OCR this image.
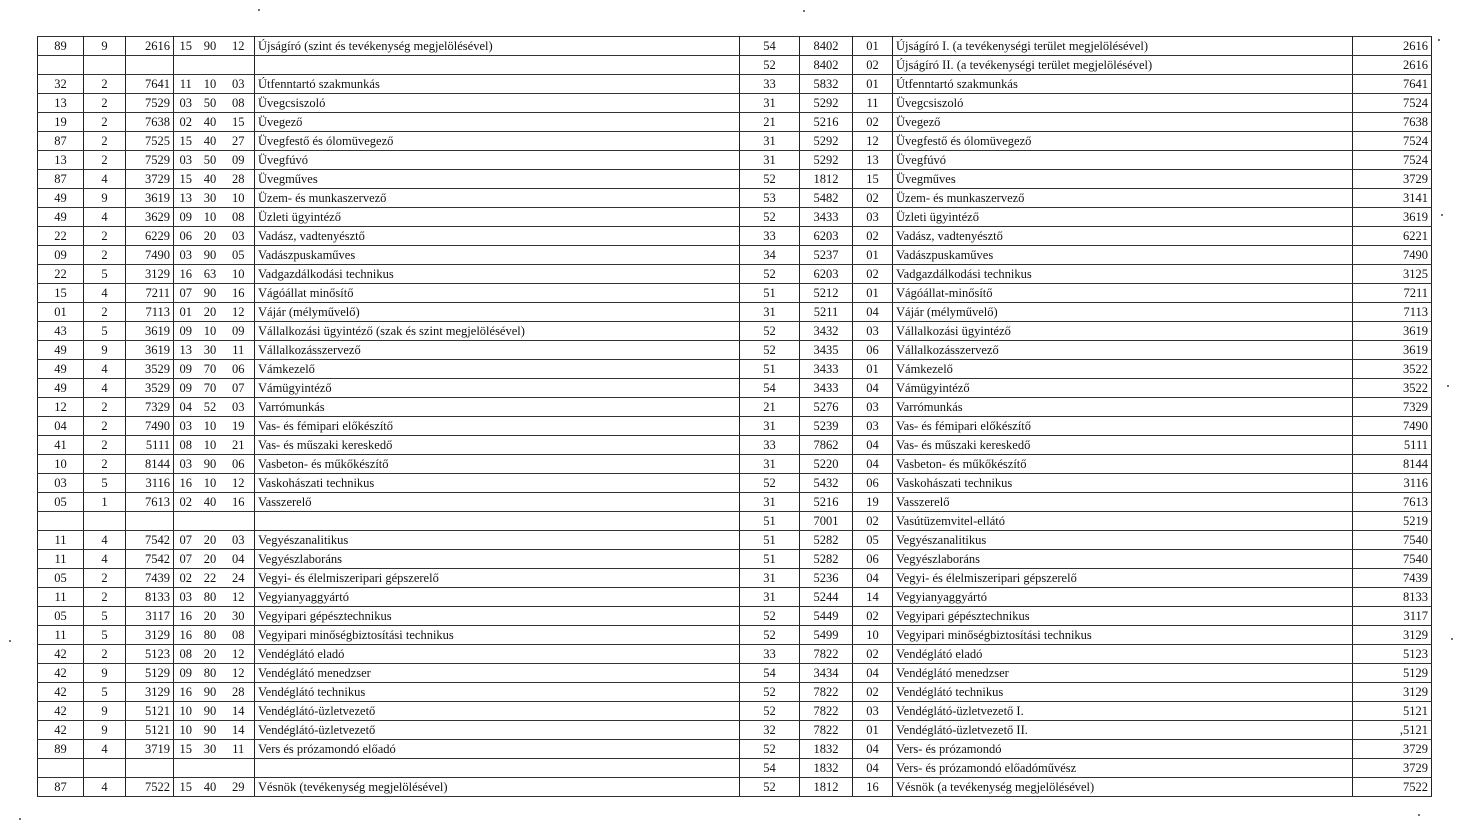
89	9	2616	15	90	12	Újságíró (szint és tevékenység megjelölésével)	54	8402	01	Újságíró I. (a tevékenységi terület megjelölésével)	2616
							52	8402	02	Újságíró II. (a tevékenységi terület megjelölésével)	2616
32	2	7641	11	10	03	Útfenntartó szakmunkás	33	5832	01	Útfenntartó szakmunkás	7641
13	2	7529	03	50	08	Üvegcsiszoló	31	5292	11	Üvegcsiszoló	7524
19	2	7638	02	40	15	Üvegező	21	5216	02	Üvegező	7638
87	2	7525	15	40	27	Üvegfestő és ólomüvegező	31	5292	12	Üvegfestő és ólomüvegező	7524
13	2	7529	03	50	09	Üvegfúvó	31	5292	13	Üvegfúvó	7524
87	4	3729	15	40	28	Üvegműves	52	1812	15	Üvegműves	3729
49	9	3619	13	30	10	Üzem- és munkaszervező	53	5482	02	Üzem- és munkaszervező	3141
49	4	3629	09	10	08	Üzleti ügyintéző	52	3433	03	Üzleti ügyintéző	3619
22	2	6229	06	20	03	Vadász, vadtenyésztő	33	6203	02	Vadász, vadtenyésztő	6221
09	2	7490	03	90	05	Vadászpuskaműves	34	5237	01	Vadászpuskaműves	7490
22	5	3129	16	63	10	Vadgazdálkodási technikus	52	6203	02	Vadgazdálkodási technikus	3125
15	4	7211	07	90	16	Vágóállat minősítő	51	5212	01	Vágóállat-minősítő	7211
01	2	7113	01	20	12	Vájár (mélyművelő)	31	5211	04	Vájár (mélyművelő)	7113
43	5	3619	09	10	09	Vállalkozási ügyintéző (szak és szint megjelölésével)	52	3432	03	Vállalkozási ügyintéző	3619
49	9	3619	13	30	11	Vállalkozásszervező	52	3435	06	Vállalkozásszervező	3619
49	4	3529	09	70	06	Vámkezelő	51	3433	01	Vámkezelő	3522
49	4	3529	09	70	07	Vámügyintéző	54	3433	04	Vámügyintéző	3522
12	2	7329	04	52	03	Varrómunkás	21	5276	03	Varrómunkás	7329
04	2	7490	03	10	19	Vas- és fémipari előkészítő	31	5239	03	Vas- és fémipari előkészítő	7490
41	2	5111	08	10	21	Vas- és műszaki kereskedő	33	7862	04	Vas- és műszaki kereskedő	5111
10	2	8144	03	90	06	Vasbeton- és műkőkészítő	31	5220	04	Vasbeton- és műkőkészítő	8144
03	5	3116	16	10	12	Vaskohászati technikus	52	5432	06	Vaskohászati technikus	3116
05	1	7613	02	40	16	Vasszerelő	31	5216	19	Vasszerelő	7613
							51	7001	02	Vasútüzemvitel-ellátó	5219
11	4	7542	07	20	03	Vegyészanalitikus	51	5282	05	Vegyészanalitikus	7540
11	4	7542	07	20	04	Vegyészlaboráns	51	5282	06	Vegyészlaboráns	7540
05	2	7439	02	22	24	Vegyi- és élelmiszeripari gépszerelő	31	5236	04	Vegyi- és élelmiszeripari gépszerelő	7439
11	2	8133	03	80	12	Vegyianyaggyártó	31	5244	14	Vegyianyaggyártó	8133
05	5	3117	16	20	30	Vegyipari gépésztechnikus	52	5449	02	Vegyipari gépésztechnikus	3117
11	5	3129	16	80	08	Vegyipari minőségbiztosítási technikus	52	5499	10	Vegyipari minőségbiztosítási technikus	3129
42	2	5123	08	20	12	Vendéglátó eladó	33	7822	02	Vendéglátó eladó	5123
42	9	5129	09	80	12	Vendéglátó menedzser	54	3434	04	Vendéglátó menedzser	5129
42	5	3129	16	90	28	Vendéglátó technikus	52	7822	02	Vendéglátó technikus	3129
42	9	5121	10	90	14	Vendéglátó-üzletvezető	52	7822	03	Vendéglátó-üzletvezető I.	5121
42	9	5121	10	90	14	Vendéglátó-üzletvezető	32	7822	01	Vendéglátó-üzletvezető II.	,5121
89	4	3719	15	30	11	Vers és prózamondó előadó	52	1832	04	Vers- és prózamondó	3729
							54	1832	04	Vers- és prózamondó előadóművész	3729
87	4	7522	15	40	29	Vésnök (tevékenység megjelölésével)	52	1812	16	Vésnök (a tevékenység megjelölésével)	7522
